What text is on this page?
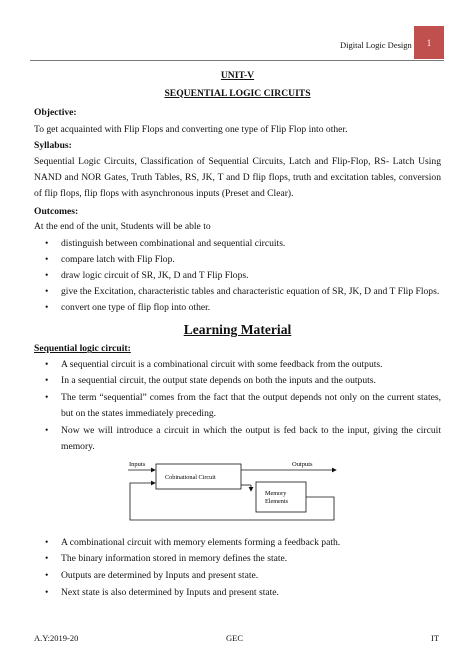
Digital Logic Design 1
UNIT-V
SEQUENTIAL LOGIC CIRCUITS
Objective:
To get acquainted with Flip Flops and converting one type of Flip Flop into other.
Syllabus:
Sequential Logic Circuits, Classification of Sequential Circuits, Latch and Flip-Flop, RS- Latch Using NAND and NOR Gates, Truth Tables, RS, JK, T and D flip flops, truth and excitation tables, conversion of flip flops, flip flops with asynchronous inputs (Preset and Clear).
Outcomes:
At the end of the unit, Students will be able to
• distinguish between combinational and sequential circuits.
• compare latch with Flip Flop.
• draw logic circuit of SR, JK, D and T Flip Flops.
• give the Excitation, characteristic tables and characteristic equation of SR, JK, D and T Flip Flops.
• convert one type of flip flop into other.
Learning Material
Sequential logic circuit:
• A sequential circuit is a combinational circuit with some feedback from the outputs.
• In a sequential circuit, the output state depends on both the inputs and the outputs.
• The term “sequential” comes from the fact that the output depends not only on the current states, but on the states immediately preceding.
• Now we will introduce a circuit in which the output is fed back to the input, giving the circuit memory.
Inputs	Outputs
Cobinational Circuit
Memory
Elements
• A combinational circuit with memory elements forming a feedback path.
• The binary information stored in memory defines the state.
• Outputs are determined by Inputs and present state.
• Next state is also determined by Inputs and present state.
A.Y:2019-20	GEC	IT
